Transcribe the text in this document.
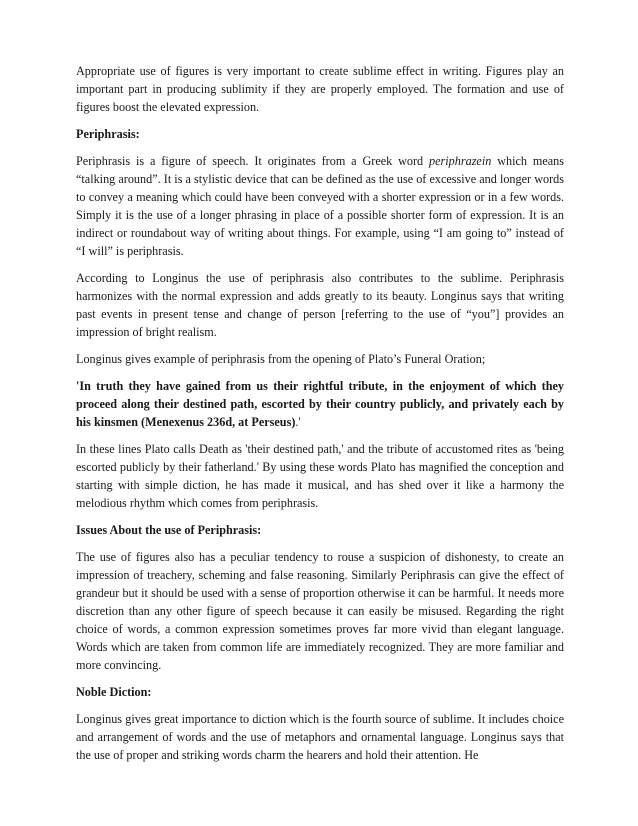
Appropriate use of figures is very important to create sublime effect in writing. Figures play an important part in producing sublimity if they are properly employed. The formation and use of figures boost the elevated expression.

Periphrasis:

Periphrasis is a figure of speech. It originates from a Greek word periphrazein which means “talking around”. It is a stylistic device that can be defined as the use of excessive and longer words to convey a meaning which could have been conveyed with a shorter expression or in a few words. Simply it is the use of a longer phrasing in place of a possible shorter form of expression. It is an indirect or roundabout way of writing about things. For example, using “I am going to” instead of “I will” is periphrasis.

According to Longinus the use of periphrasis also contributes to the sublime. Periphrasis harmonizes with the normal expression and adds greatly to its beauty. Longinus says that writing past events in present tense and change of person [referring to the use of “you”] provides an impression of bright realism.

Longinus gives example of periphrasis from the opening of Plato’s Funeral Oration;

'In truth they have gained from us their rightful tribute, in the enjoyment of which they proceed along their destined path, escorted by their country publicly, and privately each by his kinsmen (Menexenus 236d, at Perseus).'

In these lines Plato calls Death as 'their destined path,' and the tribute of accustomed rites as 'being escorted publicly by their fatherland.' By using these words Plato has magnified the conception and starting with simple diction, he has made it musical, and has shed over it like a harmony the melodious rhythm which comes from periphrasis.

Issues About the use of Periphrasis:

The use of figures also has a peculiar tendency to rouse a suspicion of dishonesty, to create an impression of treachery, scheming and false reasoning. Similarly Periphrasis can give the effect of grandeur but it should be used with a sense of proportion otherwise it can be harmful. It needs more discretion than any other figure of speech because it can easily be misused. Regarding the right choice of words, a common expression sometimes proves far more vivid than elegant language. Words which are taken from common life are immediately recognized. They are more familiar and more convincing.

Noble Diction:

Longinus gives great importance to diction which is the fourth source of sublime. It includes choice and arrangement of words and the use of metaphors and ornamental language. Longinus says that the use of proper and striking words charm the hearers and hold their attention. He
